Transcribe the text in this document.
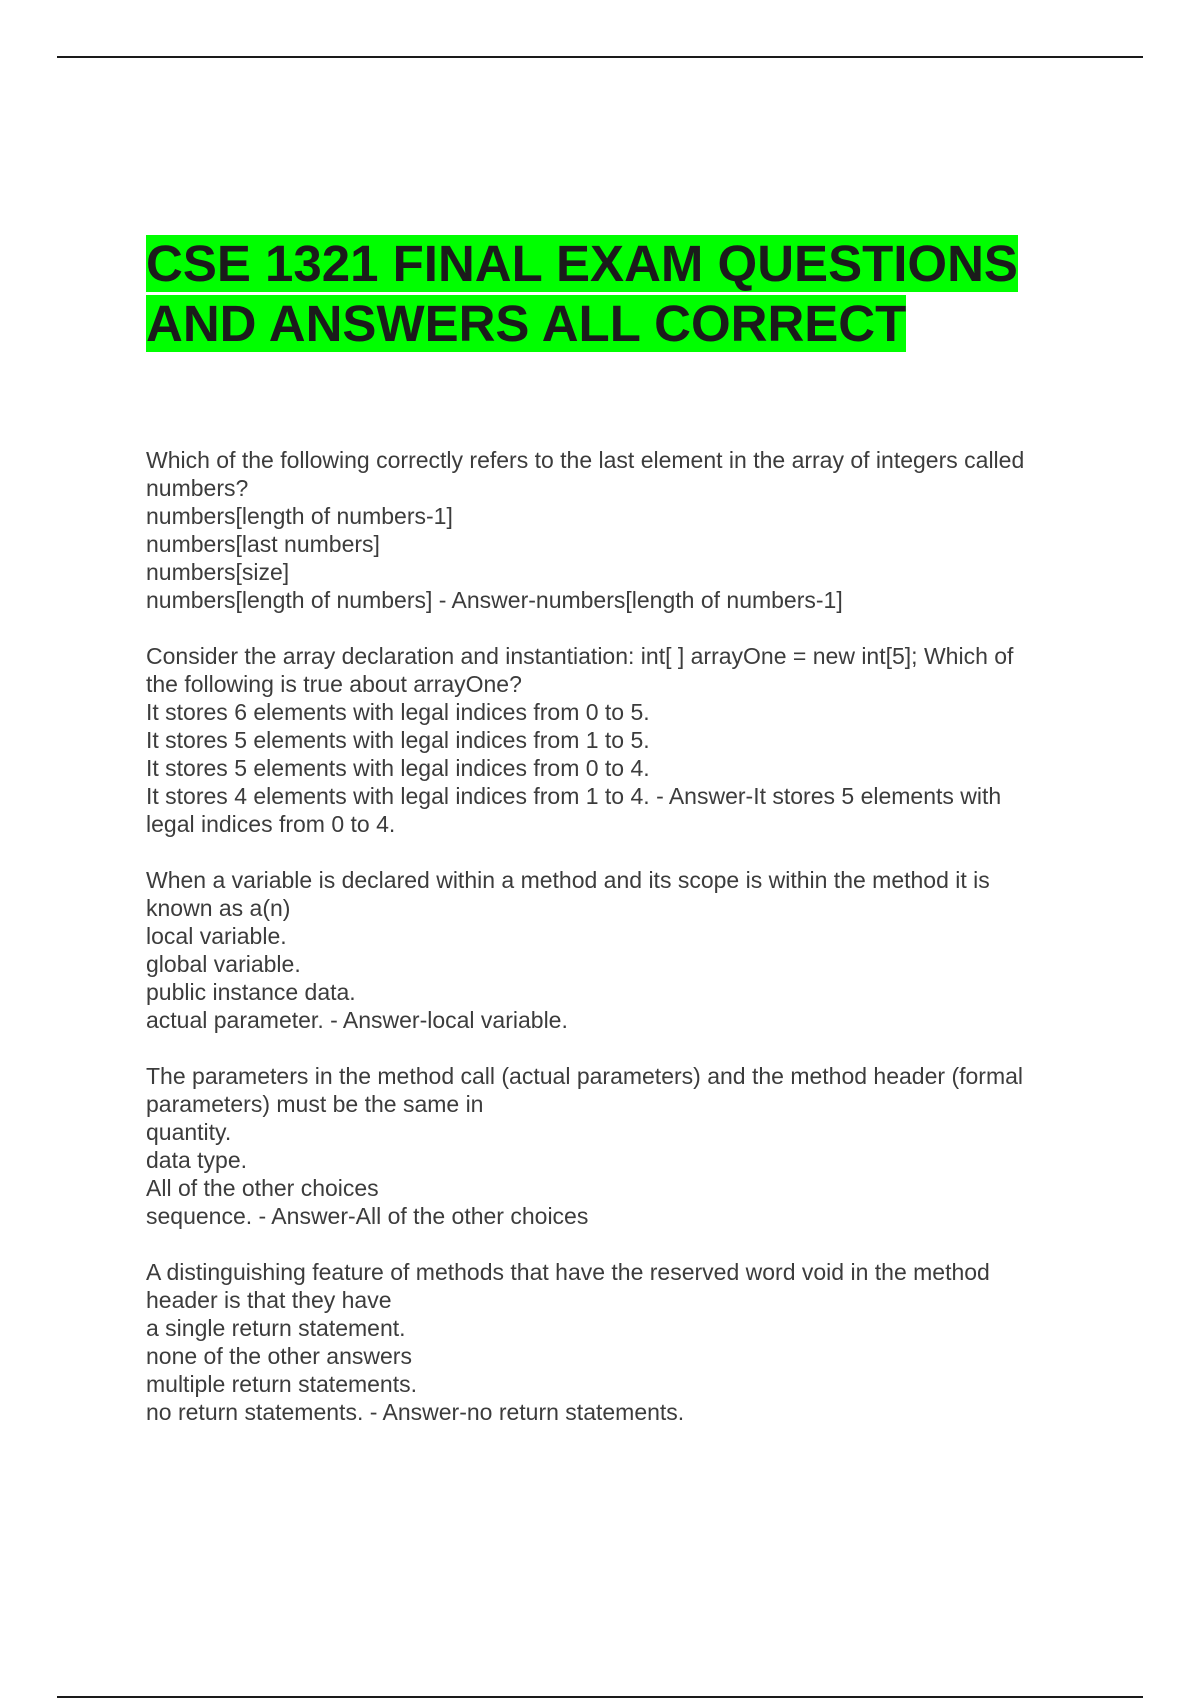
CSE 1321 FINAL EXAM QUESTIONS
AND ANSWERS ALL CORRECT

Which of the following correctly refers to the last element in the array of integers called
numbers?
numbers[length of numbers-1]
numbers[last numbers]
numbers[size]
numbers[length of numbers] - Answer-numbers[length of numbers-1]

Consider the array declaration and instantiation: int[ ] arrayOne = new int[5]; Which of
the following is true about arrayOne?
It stores 6 elements with legal indices from 0 to 5.
It stores 5 elements with legal indices from 1 to 5.
It stores 5 elements with legal indices from 0 to 4.
It stores 4 elements with legal indices from 1 to 4. - Answer-It stores 5 elements with
legal indices from 0 to 4.

When a variable is declared within a method and its scope is within the method it is
known as a(n)
local variable.
global variable.
public instance data.
actual parameter. - Answer-local variable.

The parameters in the method call (actual parameters) and the method header (formal
parameters) must be the same in
quantity.
data type.
All of the other choices
sequence. - Answer-All of the other choices

A distinguishing feature of methods that have the reserved word void in the method
header is that they have
a single return statement.
none of the other answers
multiple return statements.
no return statements. - Answer-no return statements.
